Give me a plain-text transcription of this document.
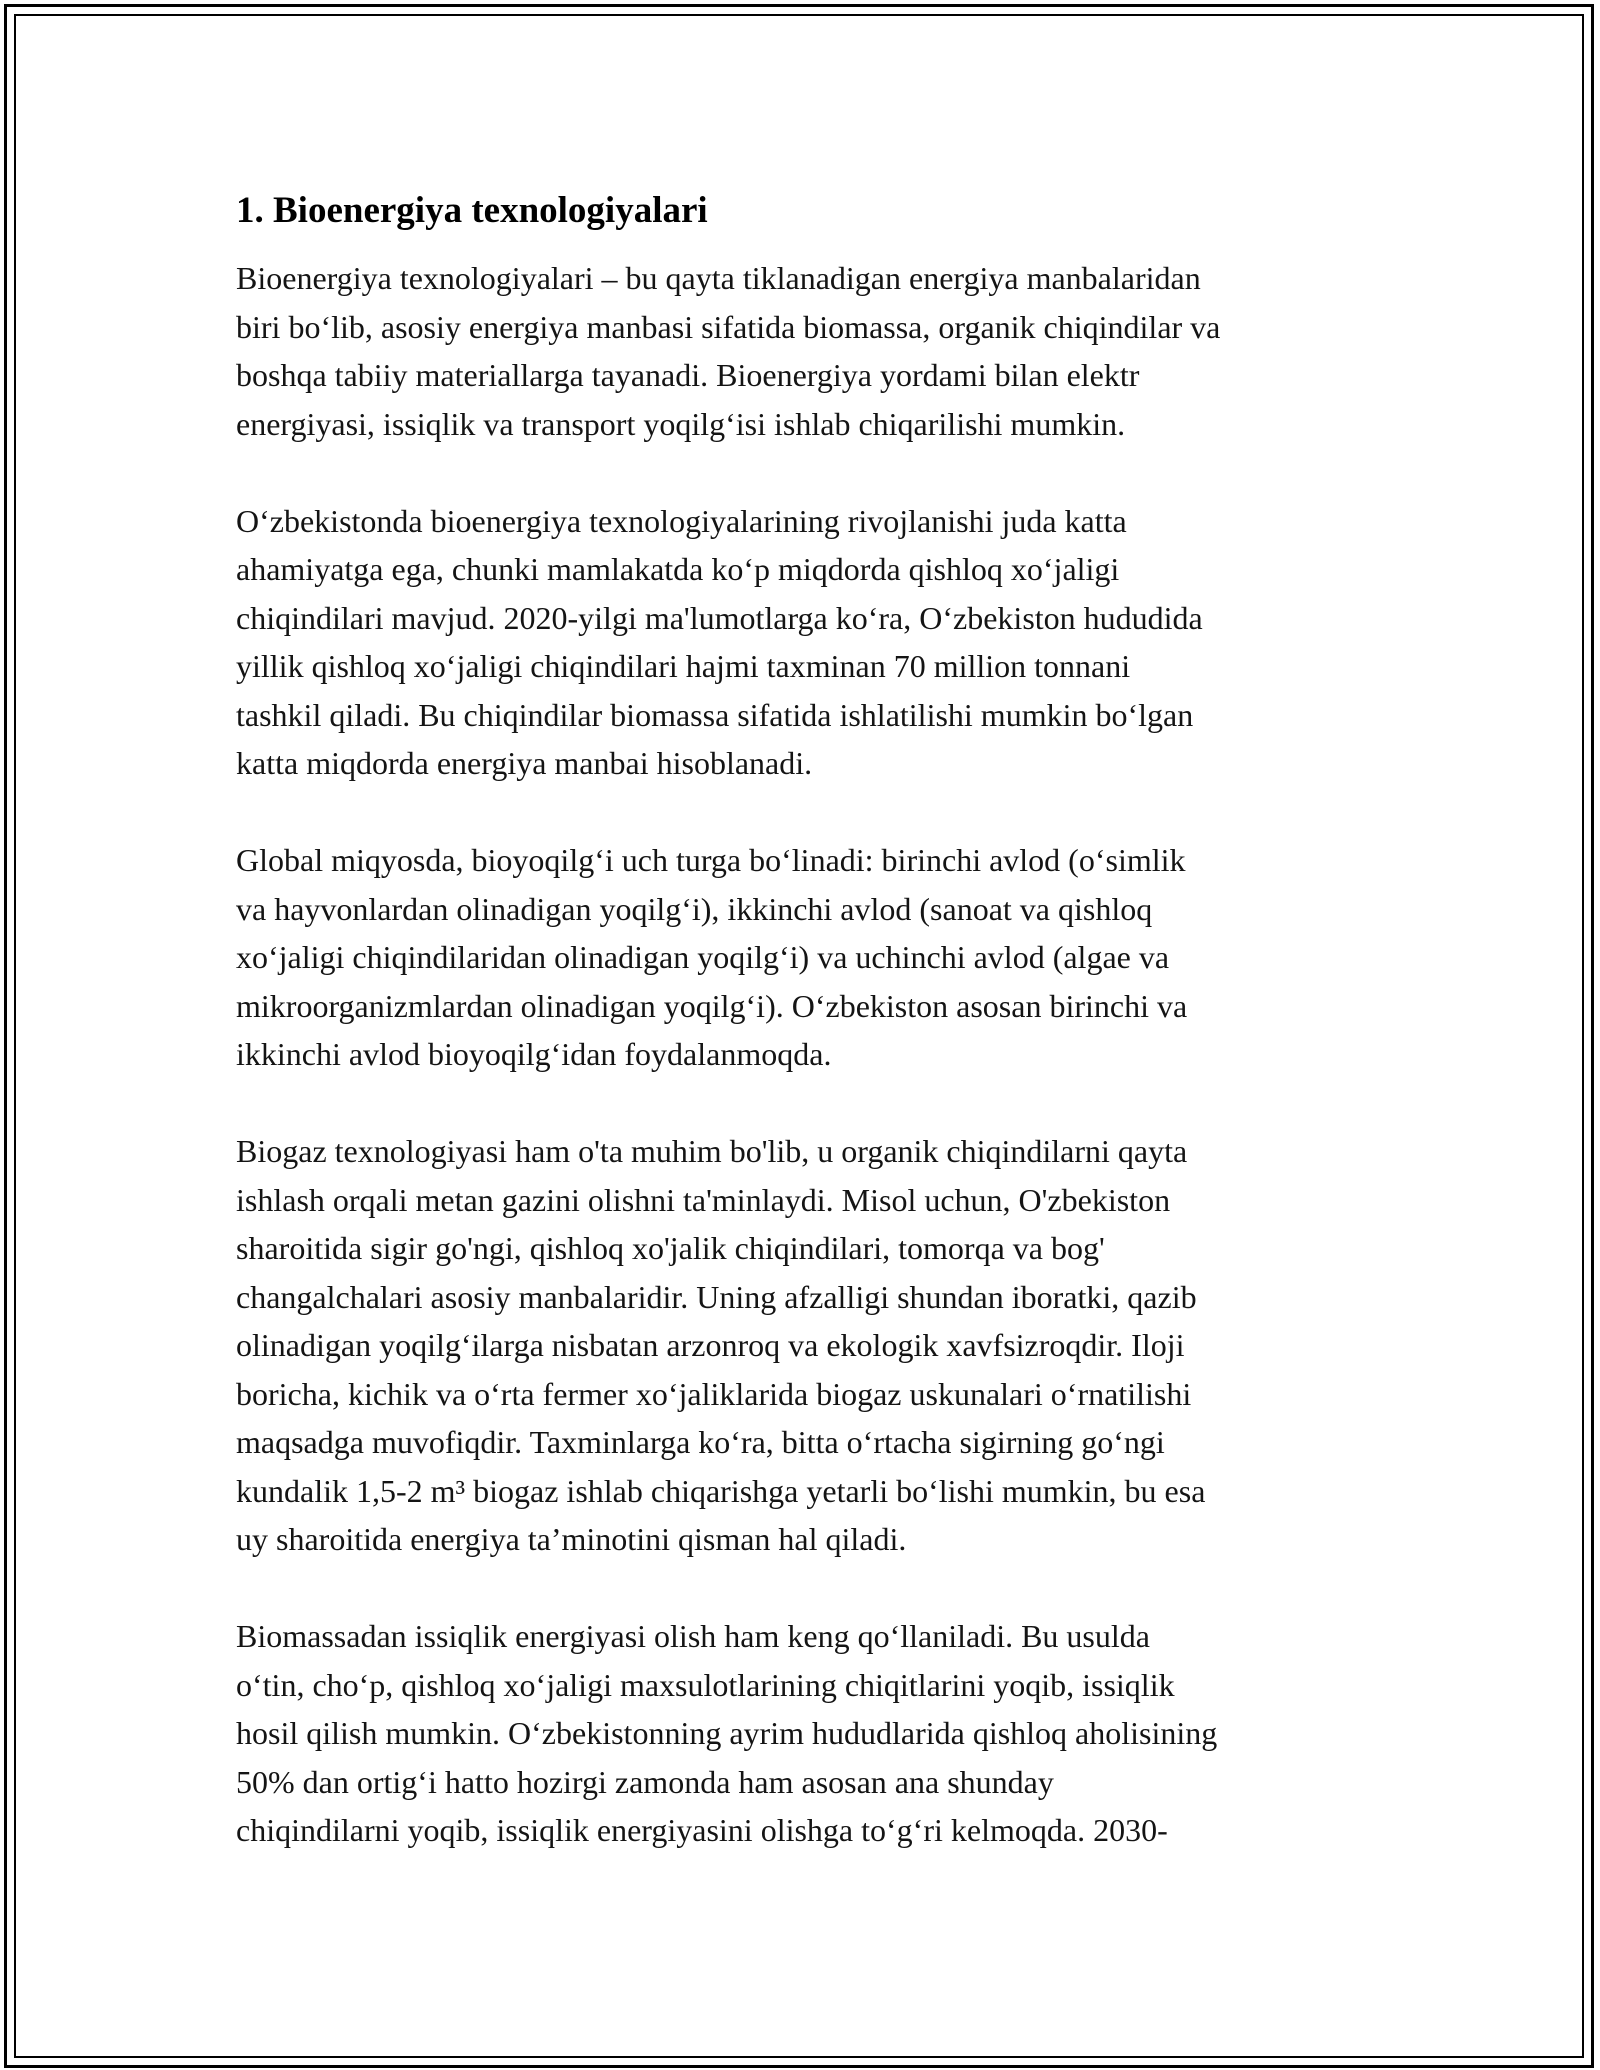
1. Bioenergiya texnologiyalari
Bioenergiya texnologiyalari – bu qayta tiklanadigan energiya manbalaridan
biri bo‘lib, asosiy energiya manbasi sifatida biomassa, organik chiqindilar va
boshqa tabiiy materiallarga tayanadi. Bioenergiya yordami bilan elektr
energiyasi, issiqlik va transport yoqilg‘isi ishlab chiqarilishi mumkin.
O‘zbekistonda bioenergiya texnologiyalarining rivojlanishi juda katta
ahamiyatga ega, chunki mamlakatda ko‘p miqdorda qishloq xo‘jaligi
chiqindilari mavjud. 2020-yilgi ma'lumotlarga ko‘ra, O‘zbekiston hududida
yillik qishloq xo‘jaligi chiqindilari hajmi taxminan 70 million tonnani
tashkil qiladi. Bu chiqindilar biomassa sifatida ishlatilishi mumkin bo‘lgan
katta miqdorda energiya manbai hisoblanadi.
Global miqyosda, bioyoqilg‘i uch turga bo‘linadi: birinchi avlod (o‘simlik
va hayvonlardan olinadigan yoqilg‘i), ikkinchi avlod (sanoat va qishloq
xo‘jaligi chiqindilaridan olinadigan yoqilg‘i) va uchinchi avlod (algae va
mikroorganizmlardan olinadigan yoqilg‘i). O‘zbekiston asosan birinchi va
ikkinchi avlod bioyoqilg‘idan foydalanmoqda.
Biogaz texnologiyasi ham o'ta muhim bo'lib, u organik chiqindilarni qayta
ishlash orqali metan gazini olishni ta'minlaydi. Misol uchun, O'zbekiston
sharoitida sigir go'ngi, qishloq xo'jalik chiqindilari, tomorqa va bog'
changalchalari asosiy manbalaridir. Uning afzalligi shundan iboratki, qazib
olinadigan yoqilg‘ilarga nisbatan arzonroq va ekologik xavfsizroqdir. Iloji
boricha, kichik va o‘rta fermer xo‘jaliklarida biogaz uskunalari o‘rnatilishi
maqsadga muvofiqdir. Taxminlarga ko‘ra, bitta o‘rtacha sigirning go‘ngi
kundalik 1,5-2 m³ biogaz ishlab chiqarishga yetarli bo‘lishi mumkin, bu esa
uy sharoitida energiya ta’minotini qisman hal qiladi.
Biomassadan issiqlik energiyasi olish ham keng qo‘llaniladi. Bu usulda
o‘tin, cho‘p, qishloq xo‘jaligi maxsulotlarining chiqitlarini yoqib, issiqlik
hosil qilish mumkin. O‘zbekistonning ayrim hududlarida qishloq aholisining
50% dan ortig‘i hatto hozirgi zamonda ham asosan ana shunday
chiqindilarni yoqib, issiqlik energiyasini olishga to‘g‘ri kelmoqda. 2030-
